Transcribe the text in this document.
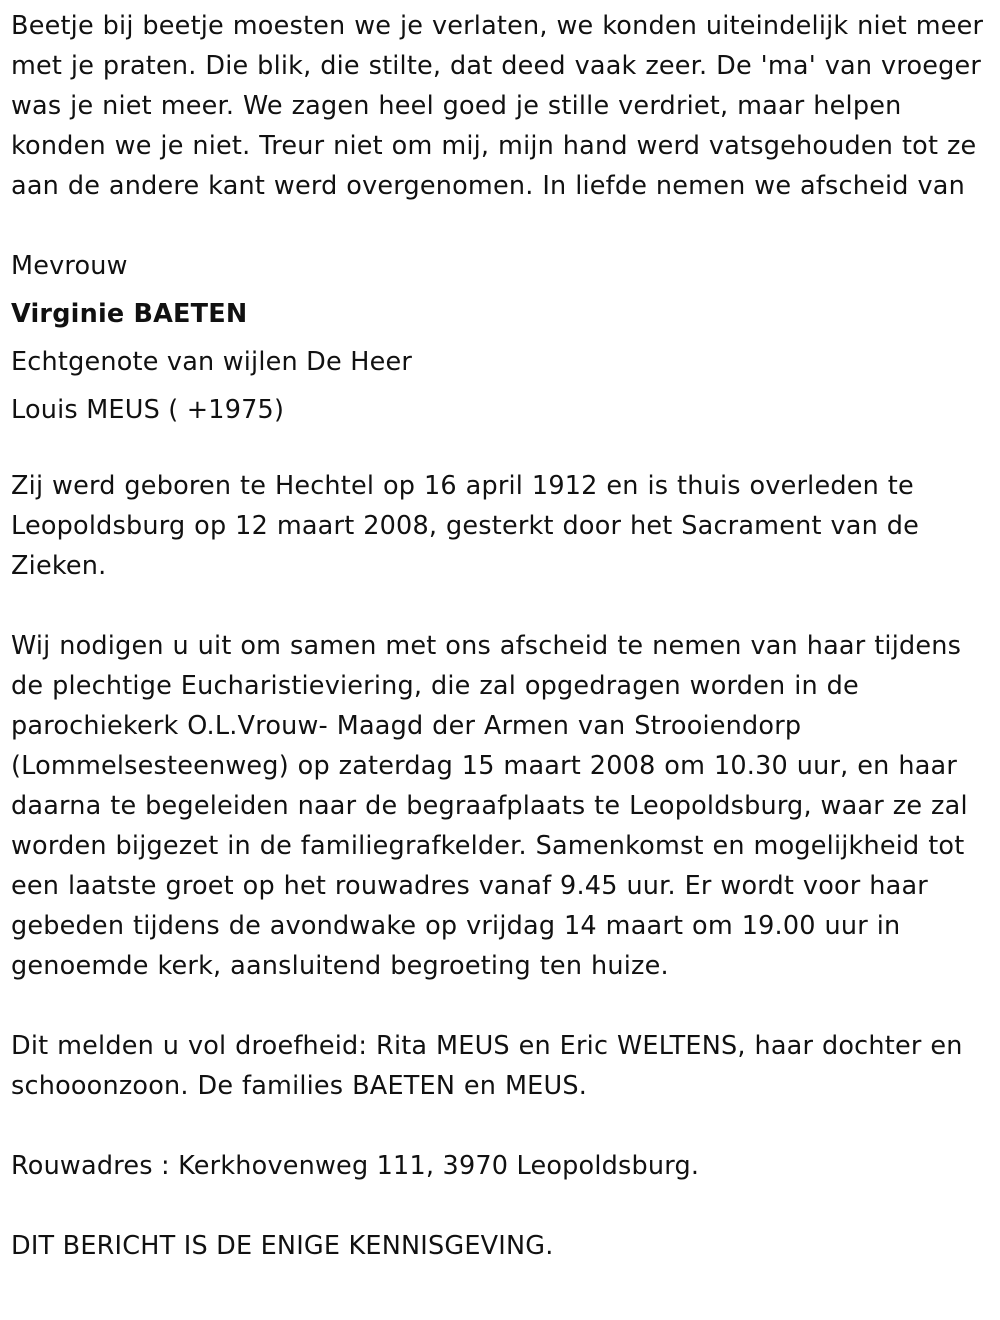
Beetje bij beetje moesten we je verlaten, we konden uiteindelijk niet meer met je praten. Die blik, die stilte, dat deed vaak zeer. De 'ma' van vroeger was je niet meer. We zagen heel goed je stille verdriet, maar helpen konden we je niet. Treur niet om mij, mijn hand werd vatsgehouden tot ze aan de andere kant werd overgenomen. In liefde nemen we afscheid van

Mevrouw

Virginie BAETEN

Echtgenote van wijlen De Heer

Louis MEUS ( +1975)

Zij werd geboren te Hechtel op 16 april 1912 en is thuis overleden te Leopoldsburg op 12 maart 2008, gesterkt door het Sacrament van de Zieken.

Wij nodigen u uit om samen met ons afscheid te nemen van haar tijdens de plechtige Eucharistieviering, die zal opgedragen worden in de parochiekerk O.L.Vrouw- Maagd der Armen van Strooiendorp (Lommelsesteenweg) op zaterdag 15 maart 2008 om 10.30 uur, en haar daarna te begeleiden naar de begraafplaats te Leopoldsburg, waar ze zal worden bijgezet in de familiegrafkelder. Samenkomst en mogelijkheid tot een laatste groet op het rouwadres vanaf 9.45 uur. Er wordt voor haar gebeden tijdens de avondwake op vrijdag 14 maart om 19.00 uur in genoemde kerk, aansluitend begroeting ten huize.

Dit melden u vol droefheid: Rita MEUS en Eric WELTENS, haar dochter en schooonzoon. De families BAETEN en MEUS.

Rouwadres : Kerkhovenweg 111, 3970 Leopoldsburg.

DIT BERICHT IS DE ENIGE KENNISGEVING.
